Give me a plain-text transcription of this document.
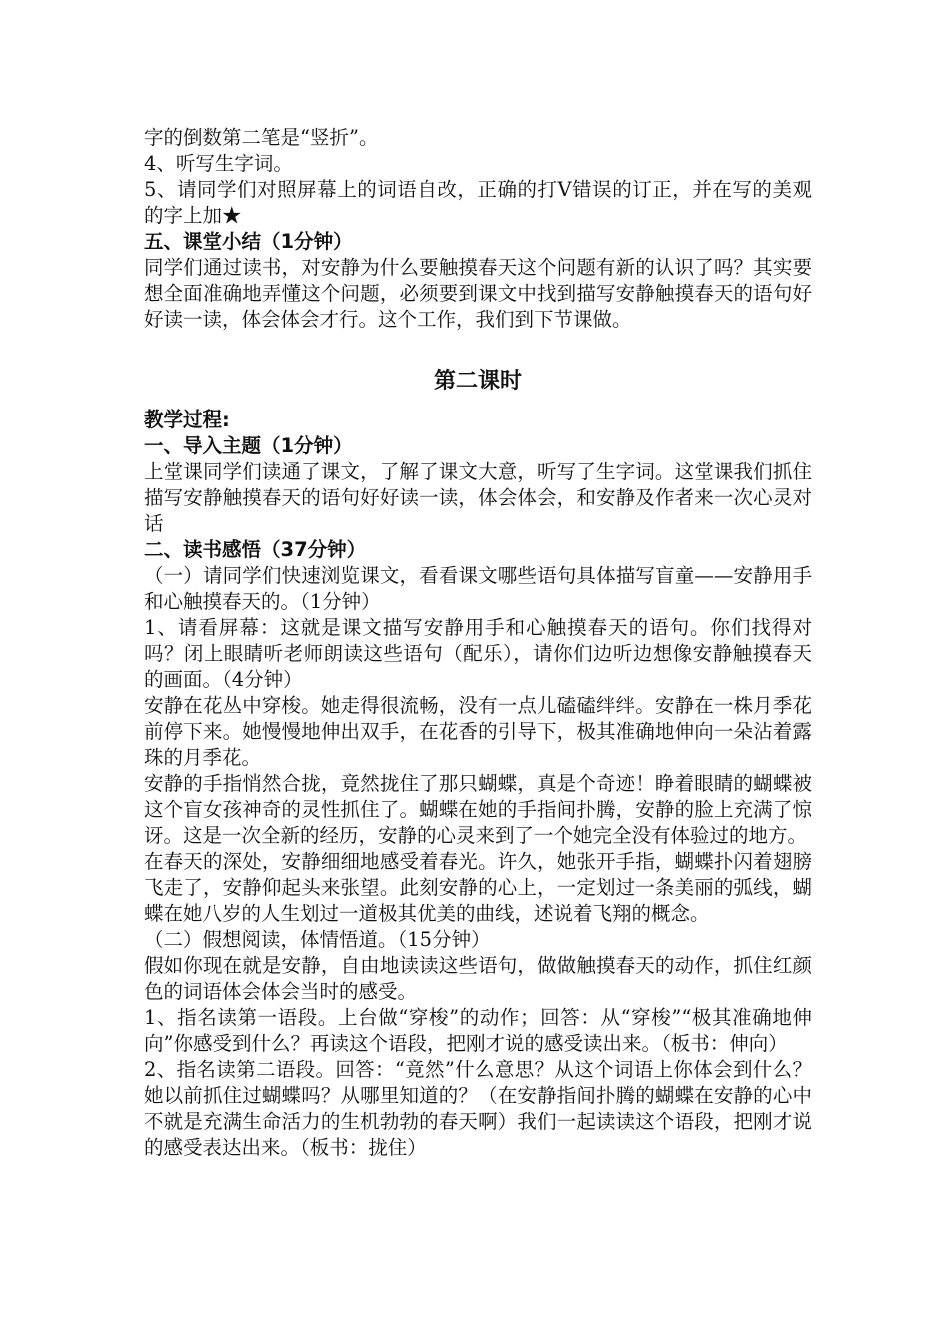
字的倒数第二笔是“竖折”。

4、听写生字词。

5、请同学们对照屏幕上的词语自改，正确的打Ⅴ错误的订正，并在写的美观的字上加★

五、课堂小结（1分钟）

同学们通过读书，对安静为什么要触摸春天这个问题有新的认识了吗？其实要想全面准确地弄懂这个问题，必须要到课文中找到描写安静触摸春天的语句好好读一读，体会体会才行。这个工作，我们到下节课做。

第二课时

教学过程:

一、导入主题（1分钟）

上堂课同学们读通了课文，了解了课文大意，听写了生字词。这堂课我们抓住描写安静触摸春天的语句好好读一读，体会体会，和安静及作者来一次心灵对话

二、读书感悟（37分钟）

（一）请同学们快速浏览课文，看看课文哪些语句具体描写盲童——安静用手和心触摸春天的。（1分钟）

1、请看屏幕：这就是课文描写安静用手和心触摸春天的语句。你们找得对吗？闭上眼睛听老师朗读这些语句（配乐），请你们边听边想像安静触摸春天的画面。（4分钟）

安静在花丛中穿梭。她走得很流畅，没有一点儿磕磕绊绊。安静在一株月季花前停下来。她慢慢地伸出双手，在花香的引导下，极其准确地伸向一朵沾着露珠的月季花。

安静的手指悄然合拢，竟然拢住了那只蝴蝶，真是个奇迹！睁着眼睛的蝴蝶被这个盲女孩神奇的灵性抓住了。蝴蝶在她的手指间扑腾，安静的脸上充满了惊讶。这是一次全新的经历，安静的心灵来到了一个她完全没有体验过的地方。

在春天的深处，安静细细地感受着春光。许久，她张开手指，蝴蝶扑闪着翅膀飞走了，安静仰起头来张望。此刻安静的心上，一定划过一条美丽的弧线，蝴蝶在她八岁的人生划过一道极其优美的曲线，述说着飞翔的概念。

（二）假想阅读，体情悟道。（15分钟）

假如你现在就是安静，自由地读读这些语句，做做触摸春天的动作，抓住红颜色的词语体会体会当时的感受。

1、指名读第一语段。上台做“穿梭”的动作；回答：从“穿梭”“极其准确地伸向”你感受到什么？再读这个语段，把刚才说的感受读出来。（板书：伸向）

2、指名读第二语段。回答：“竟然”什么意思？从这个词语上你体会到什么？她以前抓住过蝴蝶吗？从哪里知道的？（在安静指间扑腾的蝴蝶在安静的心中不就是充满生命活力的生机勃勃的春天啊）我们一起读读这个语段，把刚才说的感受表达出来。（板书：拢住）
